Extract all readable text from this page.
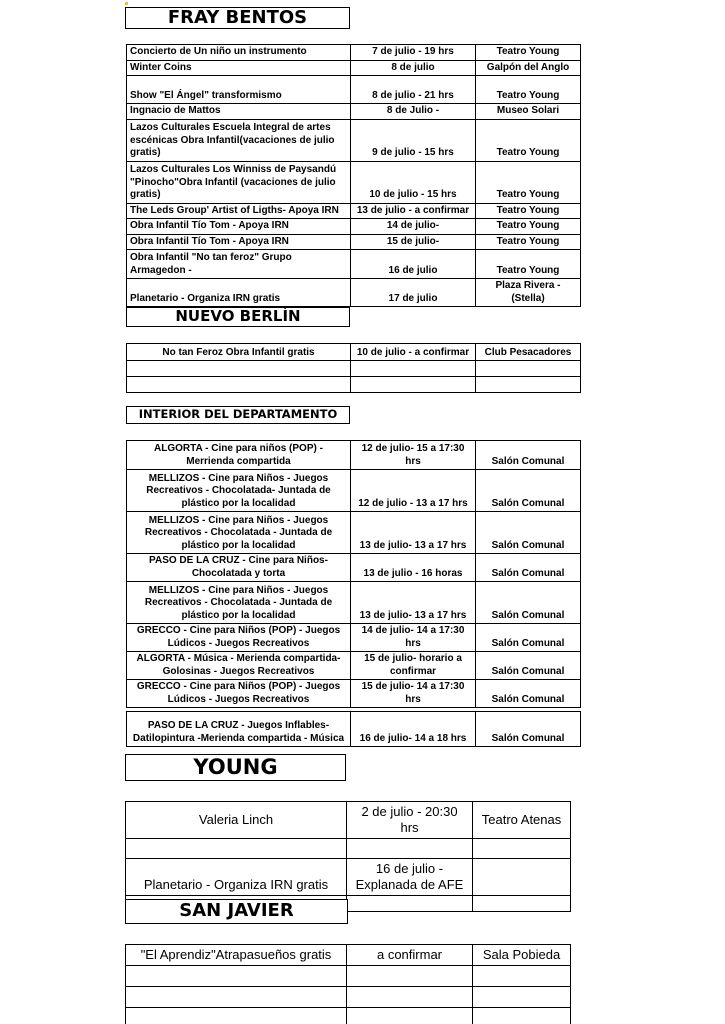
FRAY BENTOS
Concierto de Un niño un instrumento	7 de julio - 19 hrs	Teatro Young
Winter Coins	8 de julio	Galpón del Anglo
Show "El Ángel" transformismo	8 de julio - 21 hrs	Teatro Young
Ingnacio de Mattos	8 de Julio -	Museo Solari
Lazos Culturales Escuela Integral de artes escénicas Obra Infantil(vacaciones de julio gratis)	9 de julio - 15 hrs	Teatro Young
Lazos Culturales Los Winniss de Paysandú "Pinocho"Obra Infantil (vacaciones de julio gratis)	10 de julio - 15 hrs	Teatro Young
The Leds Group' Artist of Ligths- Apoya IRN	13 de julio - a confirmar	Teatro Young
Obra Infantil Tío Tom - Apoya IRN	14 de julio-	Teatro Young
Obra Infantil Tío Tom - Apoya IRN	15 de julio-	Teatro Young
Obra Infantil "No tan feroz" Grupo Armagedon -	16 de julio	Teatro Young
Planetario - Organiza IRN gratis	17 de julio	Plaza Rivera - (Stella)
NUEVO BERLÍN
No tan Feroz Obra Infantil gratis	10 de julio - a confirmar	Club Pesacadores

INTERIOR DEL DEPARTAMENTO
ALGORTA - Cine para niños (POP) - Merrienda compartida	12 de julio- 15 a 17:30 hrs	Salón Comunal
MELLIZOS - Cine para Niños - Juegos Recreativos - Chocolatada- Juntada de plástico por la localidad	12 de julio - 13 a 17 hrs	Salón Comunal
MELLIZOS - Cine para Niños - Juegos Recreativos - Chocolatada - Juntada de plástico por la localidad	13 de julio- 13 a 17 hrs	Salón Comunal
PASO DE LA CRUZ - Cine para Niños- Chocolatada y torta	13 de julio - 16 horas	Salón Comunal
MELLIZOS - Cine para Niños - Juegos Recreativos - Chocolatada - Juntada de plástico por la localidad	13 de julio- 13 a 17 hrs	Salón Comunal
GRECCO - Cine para Niños (POP) - Juegos Lúdicos - Juegos Recreativos	14 de julio- 14 a 17:30 hrs	Salón Comunal
ALGORTA - Música - Merienda compartida- Golosinas - Juegos Recreativos	15 de julio- horario a confirmar	Salón Comunal
GRECCO - Cine para Niños (POP) - Juegos Lúdicos - Juegos Recreativos	15 de julio- 14 a 17:30 hrs	Salón Comunal
PASO DE LA CRUZ - Juegos Inflables- Datilopintura -Merienda compartida - Música	16 de julio- 14 a 18 hrs	Salón Comunal
YOUNG
Valeria Linch	2 de julio - 20:30 hrs	Teatro Atenas

Planetario - Organiza IRN gratis	16 de julio - Explanada de AFE	

SAN JAVIER
"El Aprendiz"Atrapasueños gratis	a confirmar	Sala Pobieda
